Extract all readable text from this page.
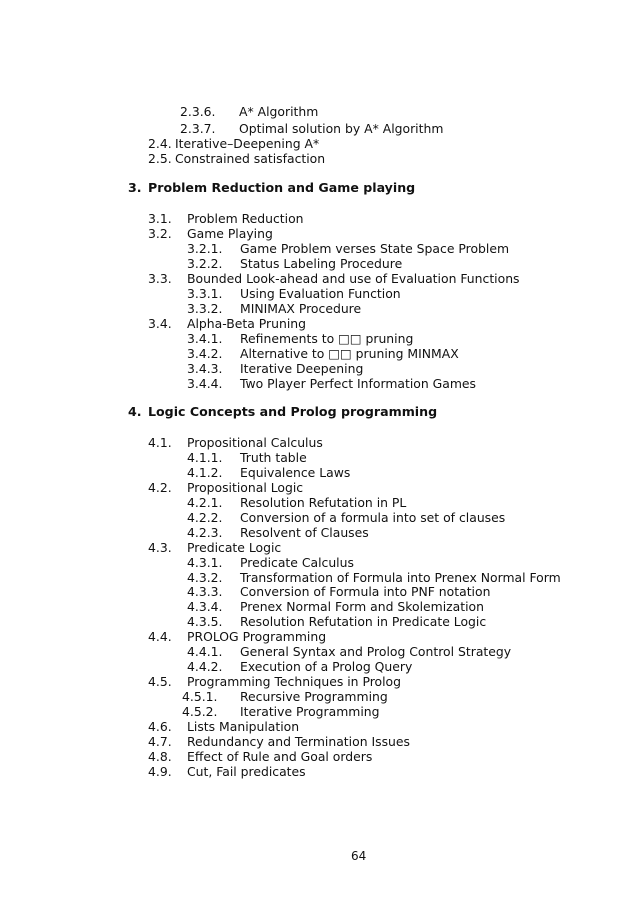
2.3.6. A* Algorithm
2.3.7. Optimal solution by A* Algorithm
2.4. Iterative–Deepening A*
2.5. Constrained satisfaction
3. Problem Reduction and Game playing
3.1. Problem Reduction
3.2. Game Playing
3.2.1. Game Problem verses State Space Problem
3.2.2. Status Labeling Procedure
3.3. Bounded Look-ahead and use of Evaluation Functions
3.3.1. Using Evaluation Function
3.3.2. MINIMAX Procedure
3.4. Alpha-Beta Pruning
3.4.1. Refinements to □□ pruning
3.4.2. Alternative to □□ pruning MINMAX
3.4.3. Iterative Deepening
3.4.4. Two Player Perfect Information Games
4. Logic Concepts and Prolog programming
4.1. Propositional Calculus
4.1.1. Truth table
4.1.2. Equivalence Laws
4.2. Propositional Logic
4.2.1. Resolution Refutation in PL
4.2.2. Conversion of a formula into set of clauses
4.2.3. Resolvent of Clauses
4.3. Predicate Logic
4.3.1. Predicate Calculus
4.3.2. Transformation of Formula into Prenex Normal Form
4.3.3. Conversion of Formula into PNF notation
4.3.4. Prenex Normal Form and Skolemization
4.3.5. Resolution Refutation in Predicate Logic
4.4. PROLOG Programming
4.4.1. General Syntax and Prolog Control Strategy
4.4.2. Execution of a Prolog Query
4.5. Programming Techniques in Prolog
4.5.1. Recursive Programming
4.5.2. Iterative Programming
4.6. Lists Manipulation
4.7. Redundancy and Termination Issues
4.8. Effect of Rule and Goal orders
4.9. Cut, Fail predicates
64
